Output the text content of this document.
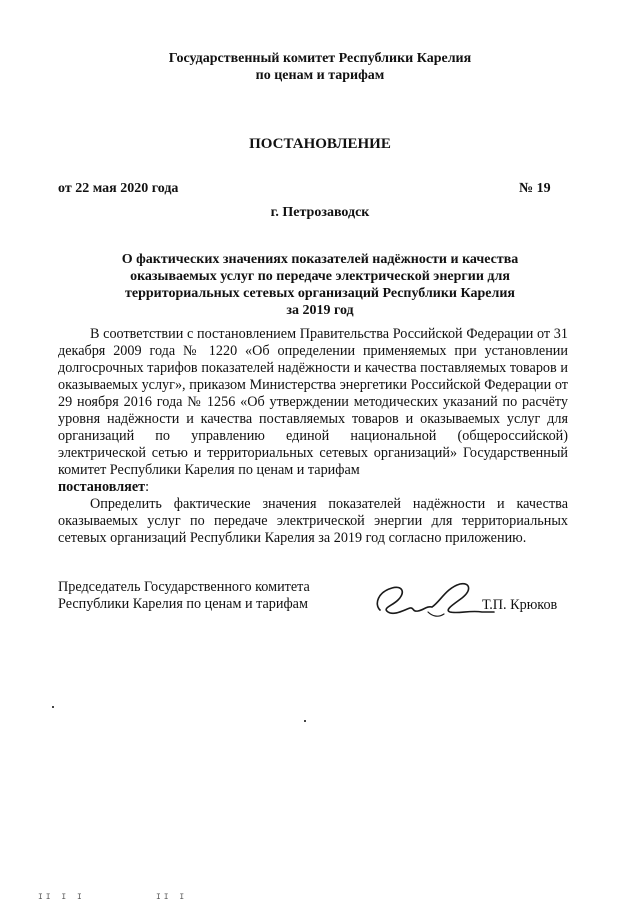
Государственный комитет Республики Карелия
по ценам и тарифам
ПОСТАНОВЛЕНИЕ
от 22 мая 2020 года	№ 19
г. Петрозаводск
О фактических значениях показателей надёжности и качества
оказываемых услуг по передаче электрической энергии для
территориальных сетевых организаций Республики Карелия
за 2019 год

В соответствии с постановлением Правительства Российской Федерации от 31 декабря 2009 года № 1220 «Об определении применяемых при установлении долгосрочных тарифов показателей надёжности и качества поставляемых товаров и оказываемых услуг», приказом Министерства энергетики Российской Федерации от 29 ноября 2016 года № 1256 «Об утверждении методических указаний по расчёту уровня надёжности и качества поставляемых товаров и оказываемых услуг для организаций по управлению единой национальной (общероссийской) электрической сетью и территориальных сетевых организаций» Государственный комитет Республики Карелия по ценам и тарифам
постановляет:

Определить фактические значения показателей надёжности и качества оказываемых услуг по передаче электрической энергии для территориальных сетевых организаций Республики Карелия за 2019 год согласно приложению.

Председатель Государственного комитета
Республики Карелия по ценам и тарифам	Т.П. Крюков
II I I	II I
